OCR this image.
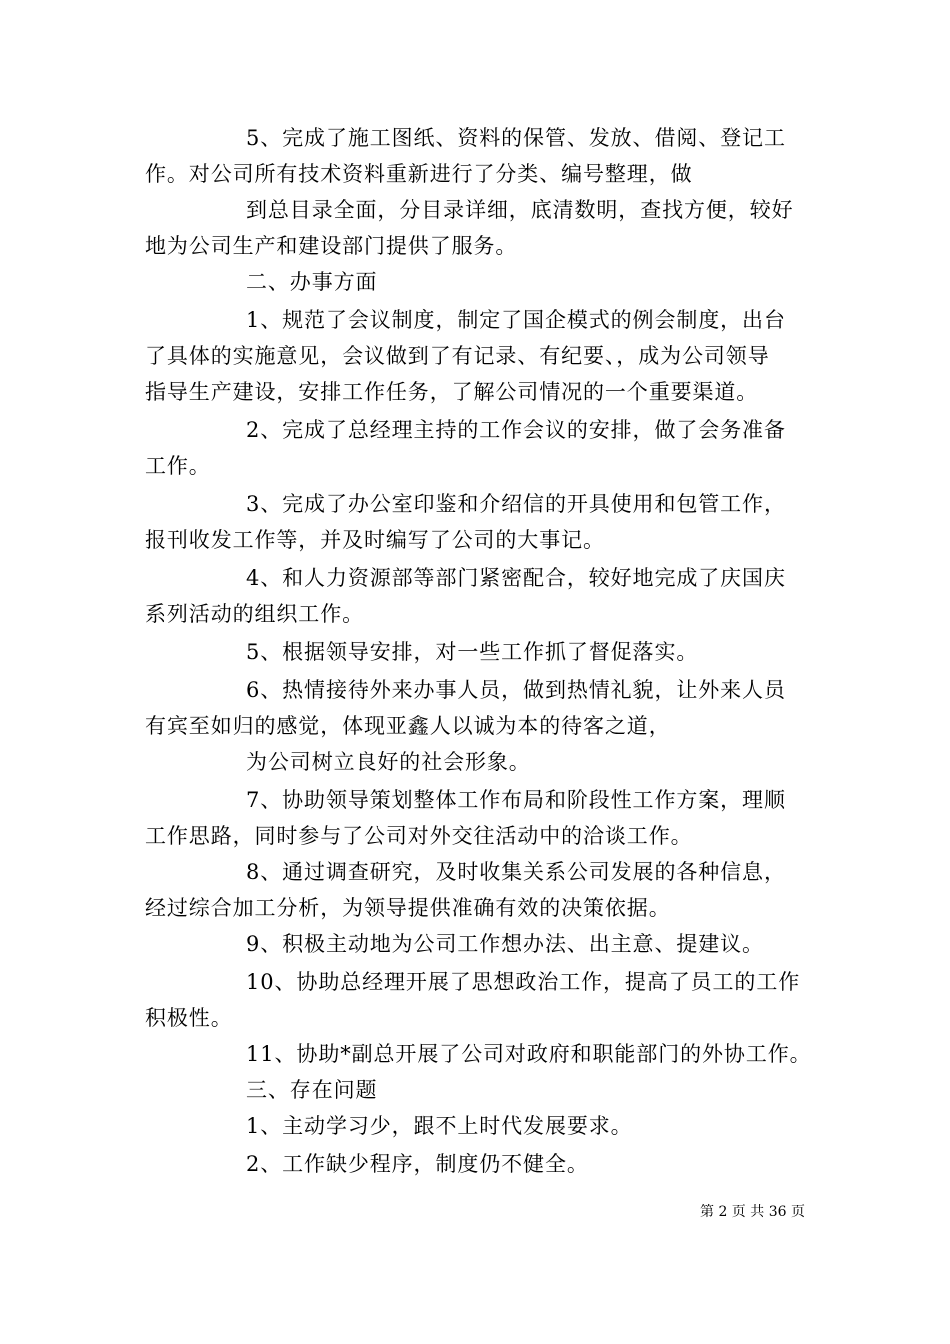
5、完成了施工图纸、资料的保管、发放、借阅、登记工

作。对公司所有技术资料重新进行了分类、编号整理，做

到总目录全面，分目录详细，底清数明，查找方便，较好

地为公司生产和建设部门提供了服务。

二、办事方面

1、规范了会议制度，制定了国企模式的例会制度，出台

了具体的实施意见，会议做到了有记录、有纪要、，成为公司领导

指导生产建设，安排工作任务，了解公司情况的一个重要渠道。

2、完成了总经理主持的工作会议的安排，做了会务准备

工作。

3、完成了办公室印鉴和介绍信的开具使用和包管工作，

报刊收发工作等，并及时编写了公司的大事记。

4、和人力资源部等部门紧密配合，较好地完成了庆国庆

系列活动的组织工作。

5、根据领导安排，对一些工作抓了督促落实。

6、热情接待外来办事人员，做到热情礼貌，让外来人员

有宾至如归的感觉，体现亚鑫人以诚为本的待客之道，

为公司树立良好的社会形象。

7、协助领导策划整体工作布局和阶段性工作方案，理顺

工作思路，同时参与了公司对外交往活动中的洽谈工作。

8、通过调查研究，及时收集关系公司发展的各种信息，

经过综合加工分析，为领导提供准确有效的决策依据。

9、积极主动地为公司工作想办法、出主意、提建议。

10、协助总经理开展了思想政治工作，提高了员工的工作

积极性。

11、协助*副总开展了公司对政府和职能部门的外协工作。

三、存在问题

1、主动学习少，跟不上时代发展要求。

2、工作缺少程序，制度仍不健全。

第 2 页 共 36 页
